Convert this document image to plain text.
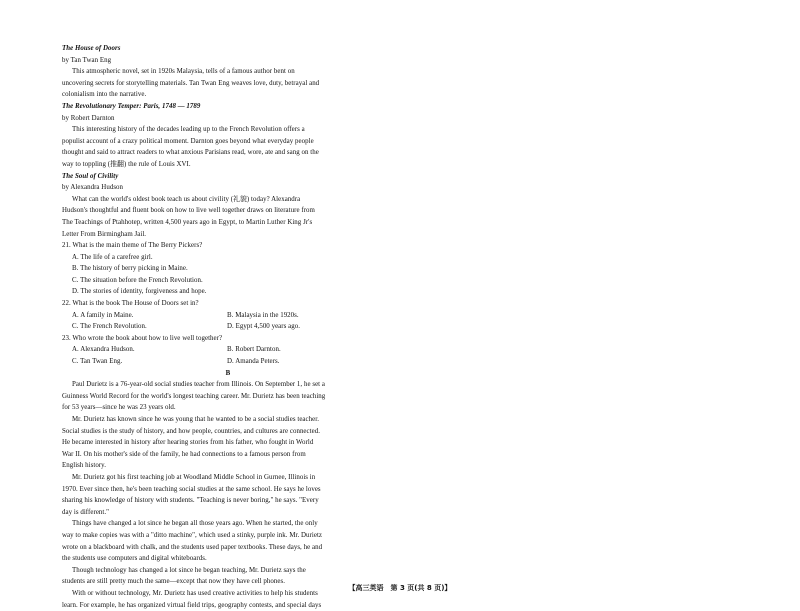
The House of Doors
by Tan Twan Eng
This atmospheric novel, set in 1920s Malaysia, tells of a famous author bent on
uncovering secrets for storytelling materials. Tan Twan Eng weaves love, duty, betrayal and
colonialism into the narrative.
The Revolutionary Temper: Paris, 1748 — 1789
by Robert Darnton
This interesting history of the decades leading up to the French Revolution offers a
populist account of a crazy political moment. Darnton goes beyond what everyday people
thought and said to attract readers to what anxious Parisians read, wore, ate and sang on the
way to toppling (推翻) the rule of Louis XVI.
The Soul of Civility
by Alexandra Hudson
What can the world's oldest book teach us about civility (礼貌) today? Alexandra
Hudson's thoughtful and fluent book on how to live well together draws on literature from
The Teachings of Ptahhotep, written 4,500 years ago in Egypt, to Martin Luther King Jr's
Letter From Birmingham Jail.
21. What is the main theme of The Berry Pickers?
A. The life of a carefree girl.
B. The history of berry picking in Maine.
C. The situation before the French Revolution.
D. The stories of identity, forgiveness and hope.
22. What is the book The House of Doors set in?
A. A family in Maine.	B. Malaysia in the 1920s.
C. The French Revolution.	D. Egypt 4,500 years ago.
23. Who wrote the book about how to live well together?
A. Alexandra Hudson.	B. Robert Darnton.
C. Tan Twan Eng.	D. Amanda Peters.
B
Paul Durietz is a 76-year-old social studies teacher from Illinois. On September 1, he set a
Guinness World Record for the world's longest teaching career. Mr. Durietz has been teaching
for 53 years—since he was 23 years old.
Mr. Durietz has known since he was young that he wanted to be a social studies teacher.
Social studies is the study of history, and how people, countries, and cultures are connected.
He became interested in history after hearing stories from his father, who fought in World
War II. On his mother's side of the family, he had connections to a famous person from
English history.
Mr. Durietz got his first teaching job at Woodland Middle School in Gurnee, Illinois in
1970. Ever since then, he's been teaching social studies at the same school. He says he loves
sharing his knowledge of history with students. "Teaching is never boring," he says. "Every
day is different."
Things have changed a lot since he began all those years ago. When he started, the only
way to make copies was with a "ditto machine", which used a stinky, purple ink. Mr. Durietz
wrote on a blackboard with chalk, and the students used paper textbooks. These days, he and
the students use computers and digital whiteboards.
Though technology has changed a lot since he began teaching, Mr. Durietz says the
students are still pretty much the same—except that now they have cell phones.
With or without technology, Mr. Durietz has used creative activities to help his students
learn. For example, he has organized virtual field trips, geography contests, and special days
【高三英语　第 3 页(共 8 页)】
